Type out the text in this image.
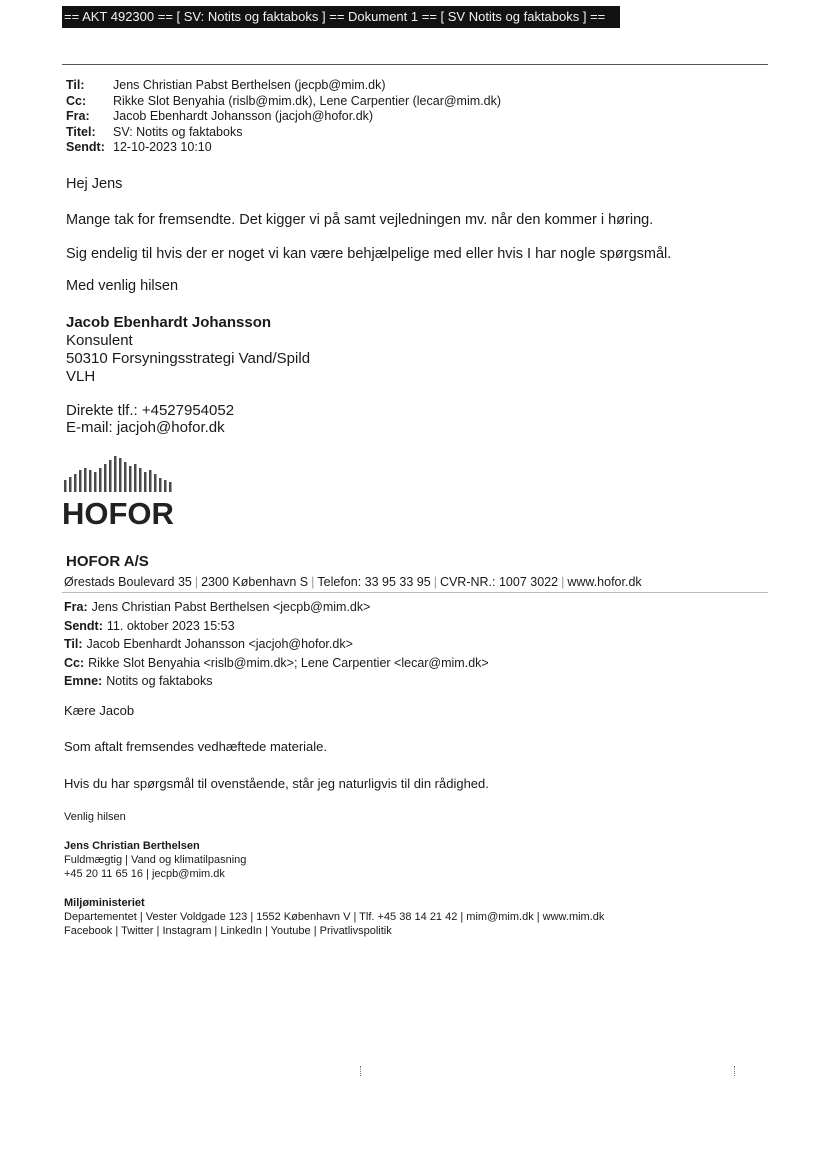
== AKT 492300 == [ SV: Notits og faktaboks ] == Dokument 1 == [ SV Notits og faktaboks ] ==
Til:	Jens Christian Pabst Berthelsen (jecpb@mim.dk)
Cc:	Rikke Slot Benyahia (rislb@mim.dk), Lene Carpentier (lecar@mim.dk)
Fra:	Jacob Ebenhardt Johansson (jacjoh@hofor.dk)
Titel:	SV: Notits og faktaboks
Sendt: 12-10-2023 10:10
Hej Jens
Mange tak for fremsendte. Det kigger vi på samt vejledningen mv. når den kommer i høring.
Sig endelig til hvis der er noget vi kan være behjælpelige med eller hvis I har nogle spørgsmål.
Med venlig hilsen
Jacob Ebenhardt Johansson
Konsulent
50310 Forsyningsstrategi Vand/Spild
VLH
Direkte tlf.: +4527954052
E-mail: jacjoh@hofor.dk
HOFOR
HOFOR A/S
Ørestads Boulevard 35 | 2300 København S | Telefon: 33 95 33 95 | CVR-NR.: 1007 3022 | www.hofor.dk
Fra: Jens Christian Pabst Berthelsen <jecpb@mim.dk>
Sendt: 11. oktober 2023 15:53
Til: Jacob Ebenhardt Johansson <jacjoh@hofor.dk>
Cc: Rikke Slot Benyahia <rislb@mim.dk>; Lene Carpentier <lecar@mim.dk>
Emne: Notits og faktaboks
Kære Jacob
Som aftalt fremsendes vedhæftede materiale.
Hvis du har spørgsmål til ovenstående, står jeg naturligvis til din rådighed.
Venlig hilsen
Jens Christian Berthelsen
Fuldmægtig | Vand og klimatilpasning
+45 20 11 65 16 | jecpb@mim.dk
Miljøministeriet
Departementet | Vester Voldgade 123 | 1552 København V | Tlf. +45 38 14 21 42 | mim@mim.dk | www.mim.dk
Facebook | Twitter | Instagram | LinkedIn | Youtube | Privatlivspolitik
